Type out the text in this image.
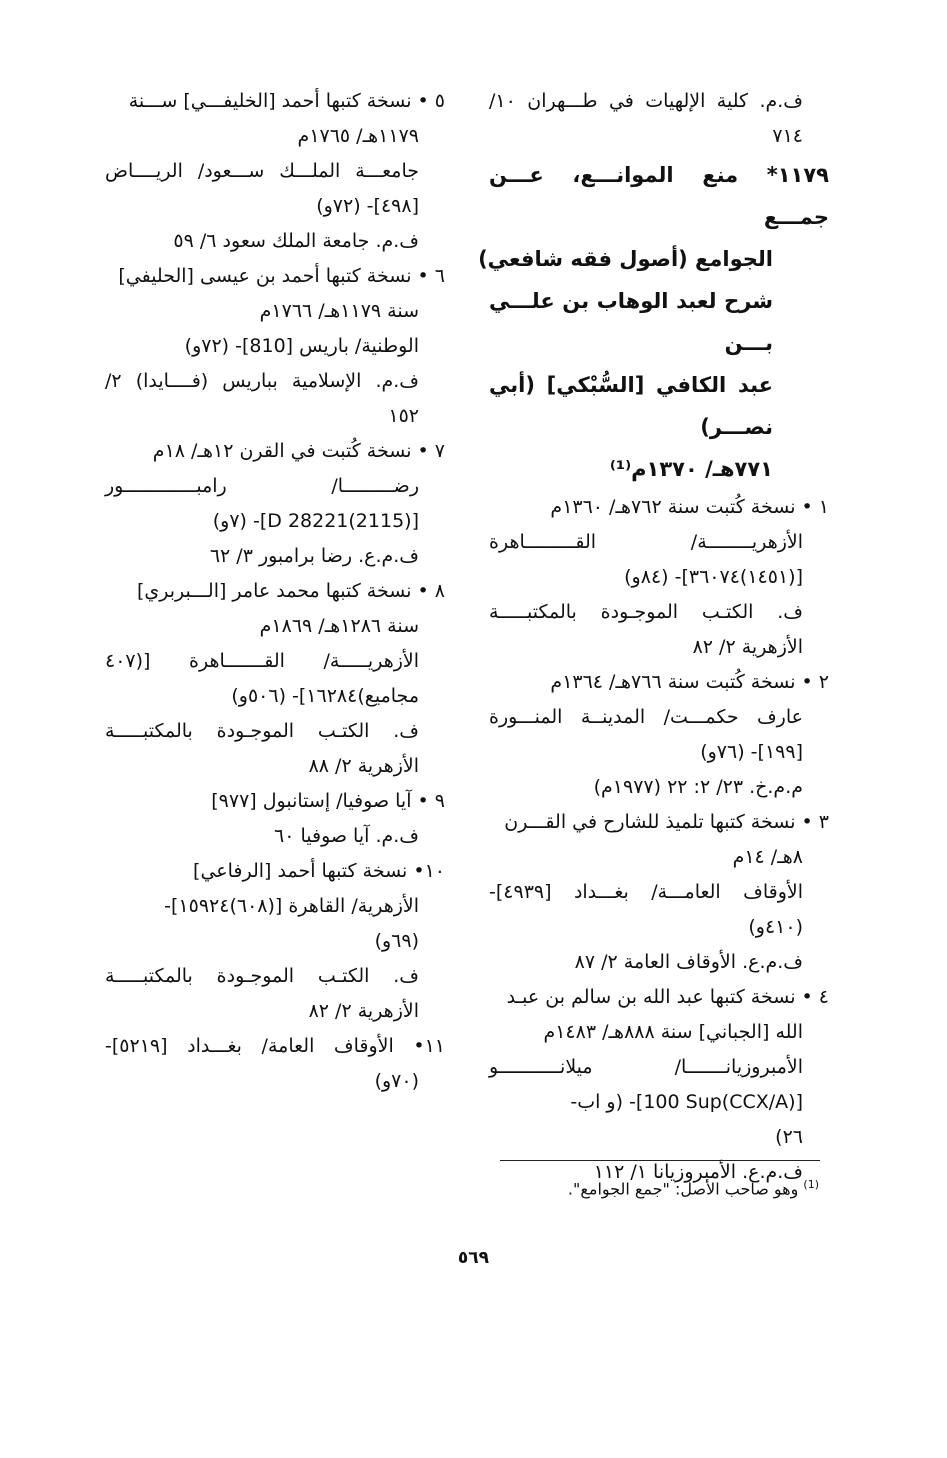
ف.م. كلية الإلهيات في طـــهران ١٠/

٧١٤

١١٧٩* منع الموانـــع، عـــن جمـــع

الجوامع (أصول فقه شافعي)

شرح لعبد الوهاب بن علـــي بـــن

عبد الكافي [السُّبْكي] (أبي نصـــر)

٧٧١هـ/ ١٣٧٠م⁽¹⁾

١ • نسخة كُتبت سنة ٧٦٢هـ/ ١٣٦٠م

الأزهريــــــــة/ القـــــــــاهرة

[(١٤٥١)٣٦٠٧٤]- (٨٤و)

ف. الكتـب الموجـودة بالمكتبـــــة

الأزهرية ٢/ ٨٢

٢ • نسخة كُتبت سنة ٧٦٦هـ/ ١٣٦٤م

عارف حكمـــت/ المدينــة المنـــورة

[١٩٩]- (٧٦و)

م.م.خ. ٢٣/ ٢: ٢٢ (١٩٧٧م)

٣ • نسخة كتبها تلميذ للشارح في القـــرن

٨هـ/ ١٤م

الأوقاف العامـــة/ بغـــداد [٤٩٣٩]-

(٤١٠و)

ف.م.ع. الأوقاف العامة ٢/ ٨٧

٤ • نسخة كتبها عبد الله بن سالم بن عبـد

الله [الجباني] سنة ٨٨٨هـ/ ١٤٨٣م

الأمبروزيانـــــــا/ ميلانـــــــــــو

[(CCX/A)100 Sup]- (و اب-

٢٦)

ف.م.ع. الأمبروزيانا ١/ ١١٢

٥ • نسخة كتبها أحمد [الخليفـــي] ســـنة

١١٧٩هـ/ ١٧٦٥م

جامعـــة الملـــك ســـعود/ الريــــاض

[٤٩٨]- (٧٢و)

ف.م. جامعة الملك سعود ٦/ ٥٩

٦ • نسخة كتبها أحمد بن عيسى [الحليفي]

سنة ١١٧٩هـ/ ١٧٦٦م

الوطنية/ باريس [810]- (٧٢و)

ف.م. الإسلامية بباريس (فــــايدا) ٢/

١٥٢

٧ • نسخة كُتبت في القرن ١٢هـ/ ١٨م

رضـــــــــا/ رامبـــــــــــــور

[D 28221(2115)]- (٧و)

ف.م.ع. رضا برامبور ٣/ ٦٢

٨ • نسخة كتبها محمد عامر [الـــبربري]

سنة ١٢٨٦هـ/ ١٨٦٩م

الأزهريـــــة/ القـــــــاهرة [(٤٠٧

مجاميع)١٦٢٨٤]- (٥٠٦و)

ف. الكتـب الموجـودة بالمكتبـــــة

الأزهرية ٢/ ٨٨

٩ • آيا صوفيا/ إستانبول [٩٧٧]

ف.م. آيا صوفيا ٦٠

١٠• نسخة كتبها أحمد [الرفاعي]

الأزهرية/ القاهرة [(٦٠٨)١٥٩٢٤]-

(٦٩و)

ف. الكتـب الموجـودة بالمكتبـــــة

الأزهرية ٢/ ٨٢

١١• الأوقاف العامة/ بغـــداد [٥٢١٩]-

(٧٠و)

$^{(1)}$ وهو صاحب الأصل: "جمع الجوامع".
٥٦٩
